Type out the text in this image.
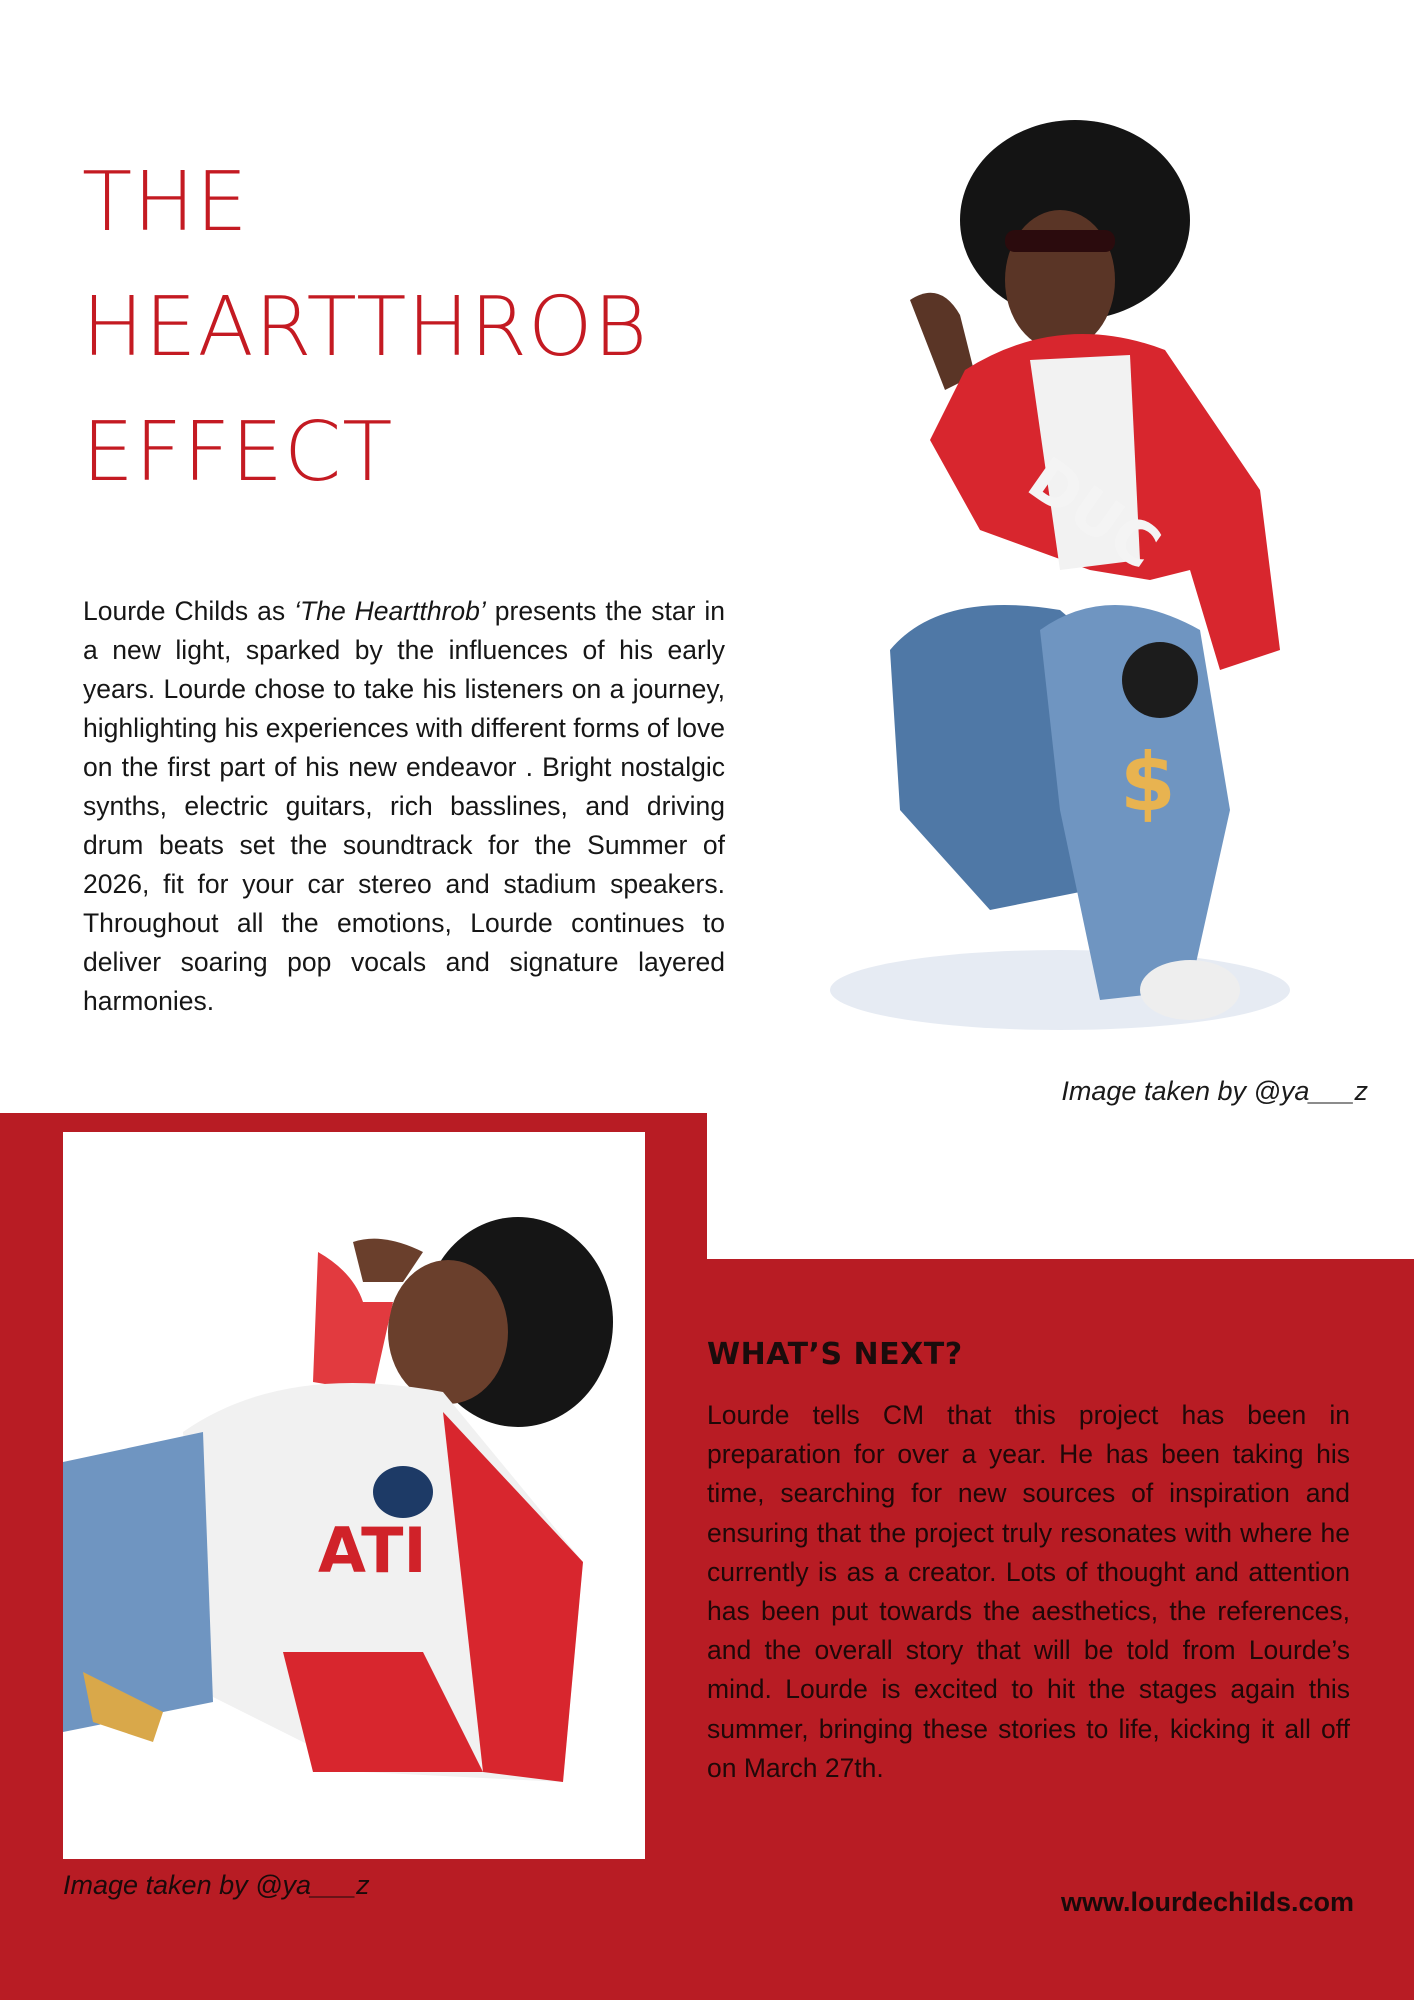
THE
HEARTTHROB
EFFECT

Lourde Childs as ‘The Heartthrob’ presents the star in a new light, sparked by the influences of his early years. Lourde chose to take his listeners on a journey, highlighting his experiences with different forms of love on the first part of his new endeavor . Bright nostalgic synths, electric guitars, rich basslines, and driving drum beats set the soundtrack for the Summer of 2026, fit for your car stereo and stadium speakers. Throughout all the emotions, Lourde continues to deliver soaring pop vocals and signature layered harmonies.

DUC
$
Image taken by @ya___z
ATI
Image taken by @ya___z
WHAT’S NEXT?

Lourde tells CM that this project has been in preparation for over a year. He has been taking his time, searching for new sources of inspiration and ensuring that the project truly resonates with where he currently is as a creator. Lots of thought and attention has been put towards the aesthetics, the references, and the overall story that will be told from Lourde’s mind. Lourde is excited to hit the stages again this summer, bringing these stories to life, kicking it all off on March 27th.

www.lourdechilds.com
